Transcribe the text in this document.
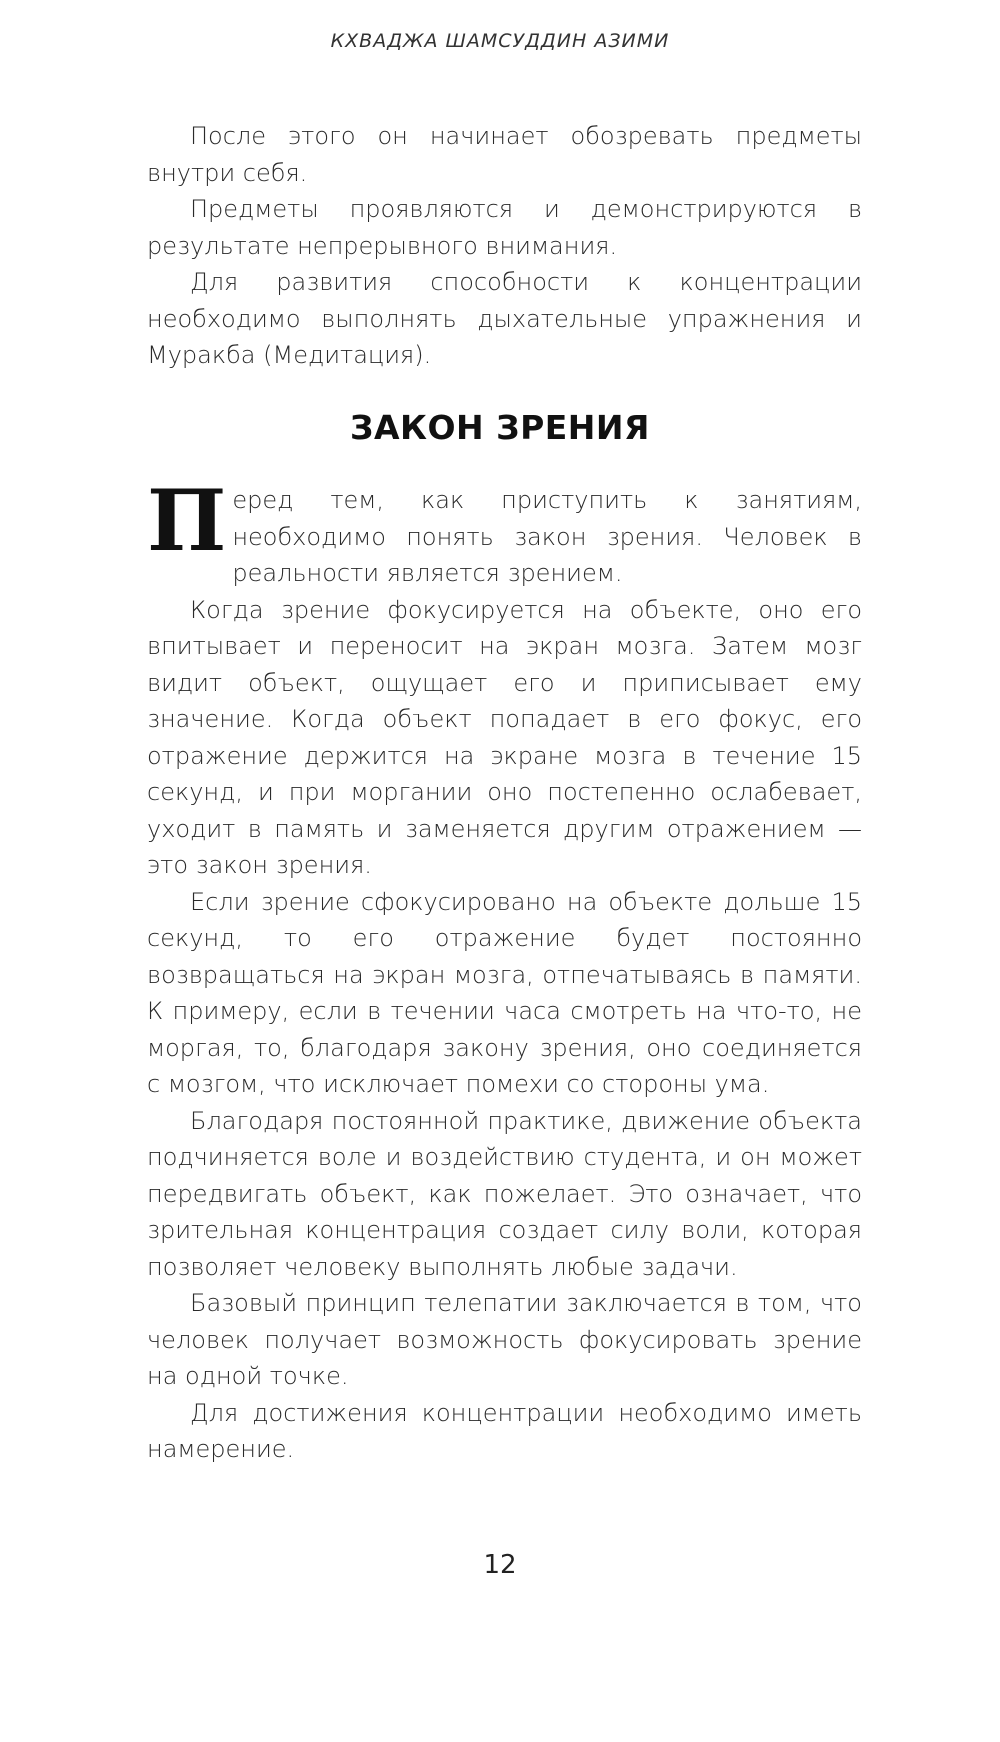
КХВАДЖА ШАМСУДДИН АЗИМИ

После этого он начинает обозревать предметы внутри себя.

Предметы проявляются и демонстрируются в результате непрерывного внимания.

Для развития способности к концентрации необходимо выполнять дыхательные упражнения и Муракба (Медитация).

ЗАКОН ЗРЕНИЯ

Перед тем, как приступить к занятиям, необходимо понять закон зрения. Человек в реальности является зрением.

Когда зрение фокусируется на объекте, оно его впитывает и переносит на экран мозга. Затем мозг видит объект, ощущает его и приписывает ему значение. Когда объект попадает в его фокус, его отражение держится на экране мозга в течение 15 секунд, и при моргании оно постепенно ослабевает, уходит в память и заменяется другим отражением — это закон зрения.

Если зрение сфокусировано на объекте дольше 15 секунд, то его отражение будет постоянно возвращаться на экран мозга, отпечатываясь в памяти. К примеру, если в течении часа смотреть на что-то, не моргая, то, благодаря закону зрения, оно соединяется с мозгом, что исключает помехи со стороны ума.

Благодаря постоянной практике, движение объекта подчиняется воле и воздействию студента, и он может передвигать объект, как пожелает. Это означает, что зрительная концентрация создает силу воли, которая позволяет человеку выполнять любые задачи.

Базовый принцип телепатии заключается в том, что человек получает возможность фокусировать зрение на одной точке.

Для достижения концентрации необходимо иметь намерение.

12
